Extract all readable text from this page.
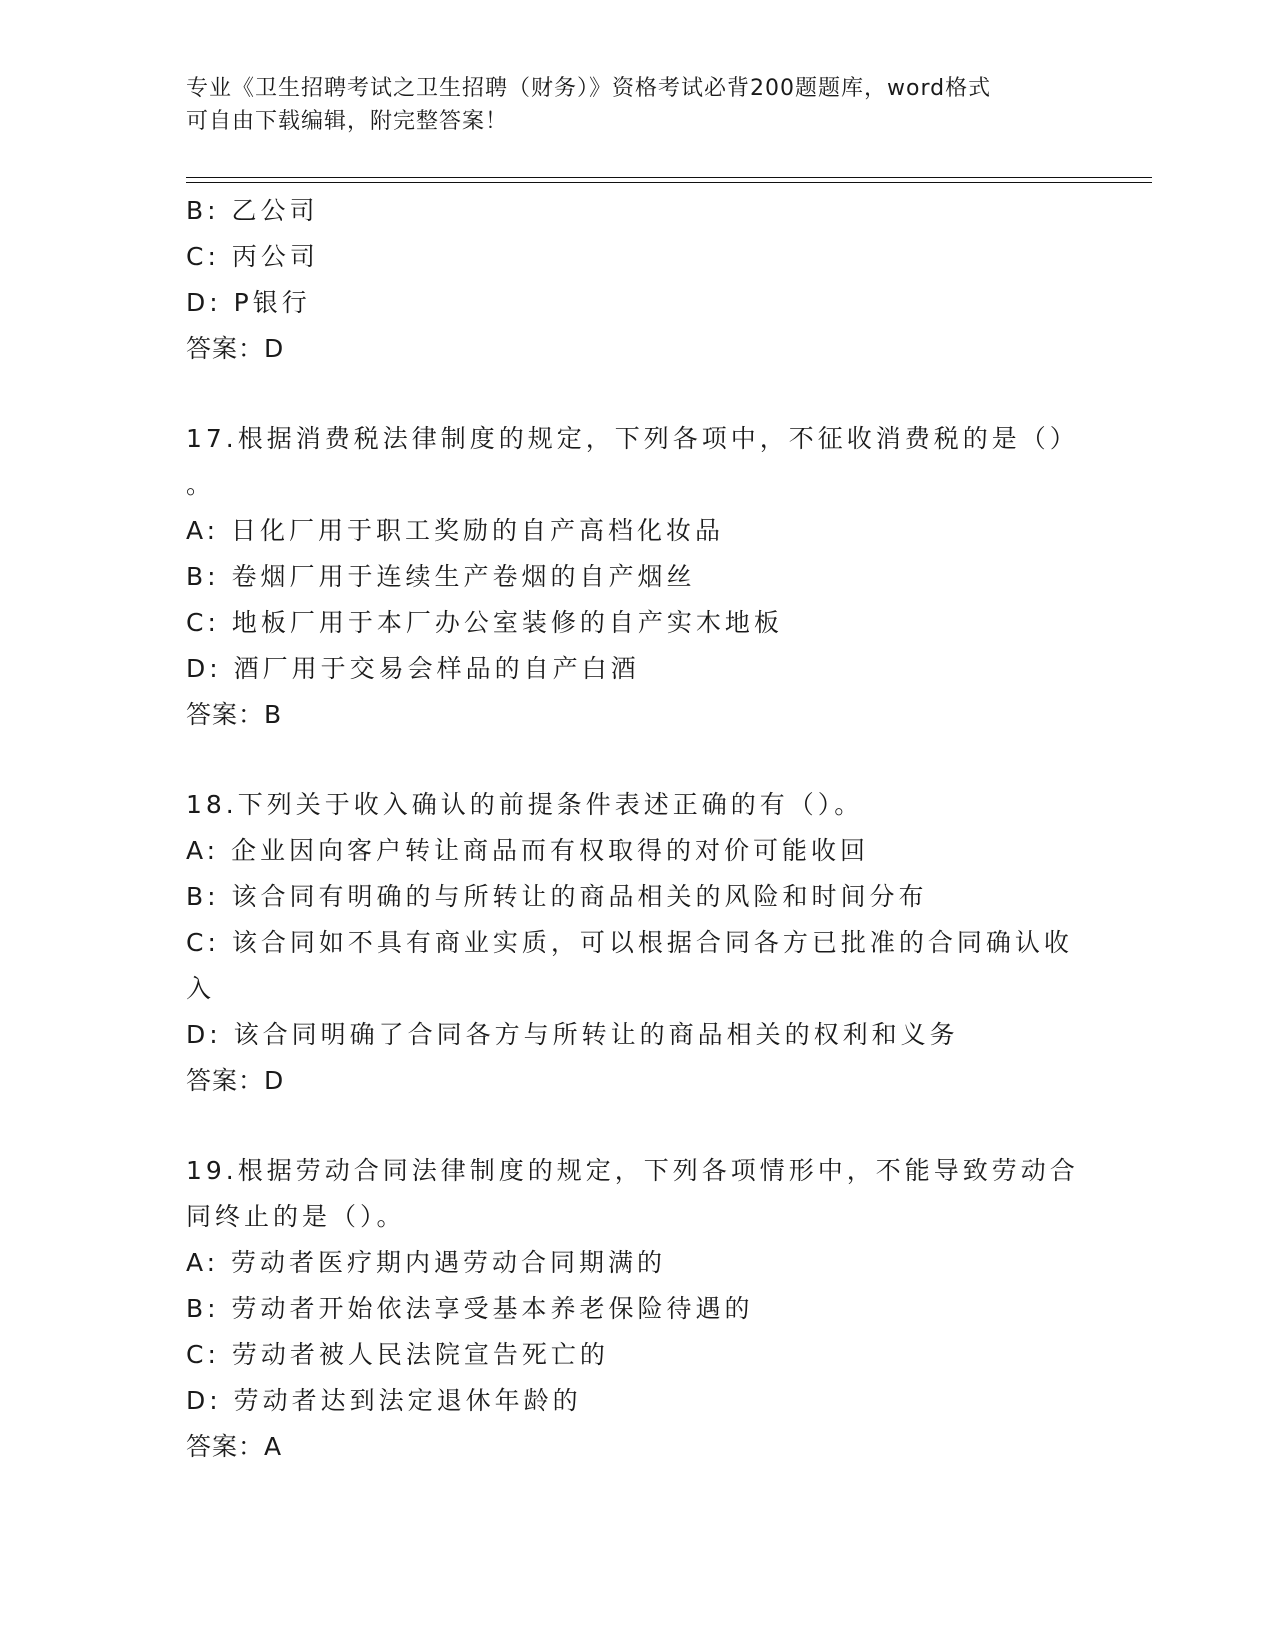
专业《卫生招聘考试之卫生招聘（财务）》资格考试必背200题题库，word格式
可自由下载编辑，附完整答案！
B: 乙公司
C: 丙公司
D: P银行
答案：D
17.根据消费税法律制度的规定，下列各项中，不征收消费税的是（）
。
A: 日化厂用于职工奖励的自产高档化妆品
B: 卷烟厂用于连续生产卷烟的自产烟丝
C: 地板厂用于本厂办公室装修的自产实木地板
D: 酒厂用于交易会样品的自产白酒
答案：B
18.下列关于收入确认的前提条件表述正确的有（）。
A: 企业因向客户转让商品而有权取得的对价可能收回
B: 该合同有明确的与所转让的商品相关的风险和时间分布
C: 该合同如不具有商业实质，可以根据合同各方已批准的合同确认收
入
D: 该合同明确了合同各方与所转让的商品相关的权利和义务
答案：D
19.根据劳动合同法律制度的规定，下列各项情形中，不能导致劳动合
同终止的是（）。
A: 劳动者医疗期内遇劳动合同期满的
B: 劳动者开始依法享受基本养老保险待遇的
C: 劳动者被人民法院宣告死亡的
D: 劳动者达到法定退休年龄的
答案：A
